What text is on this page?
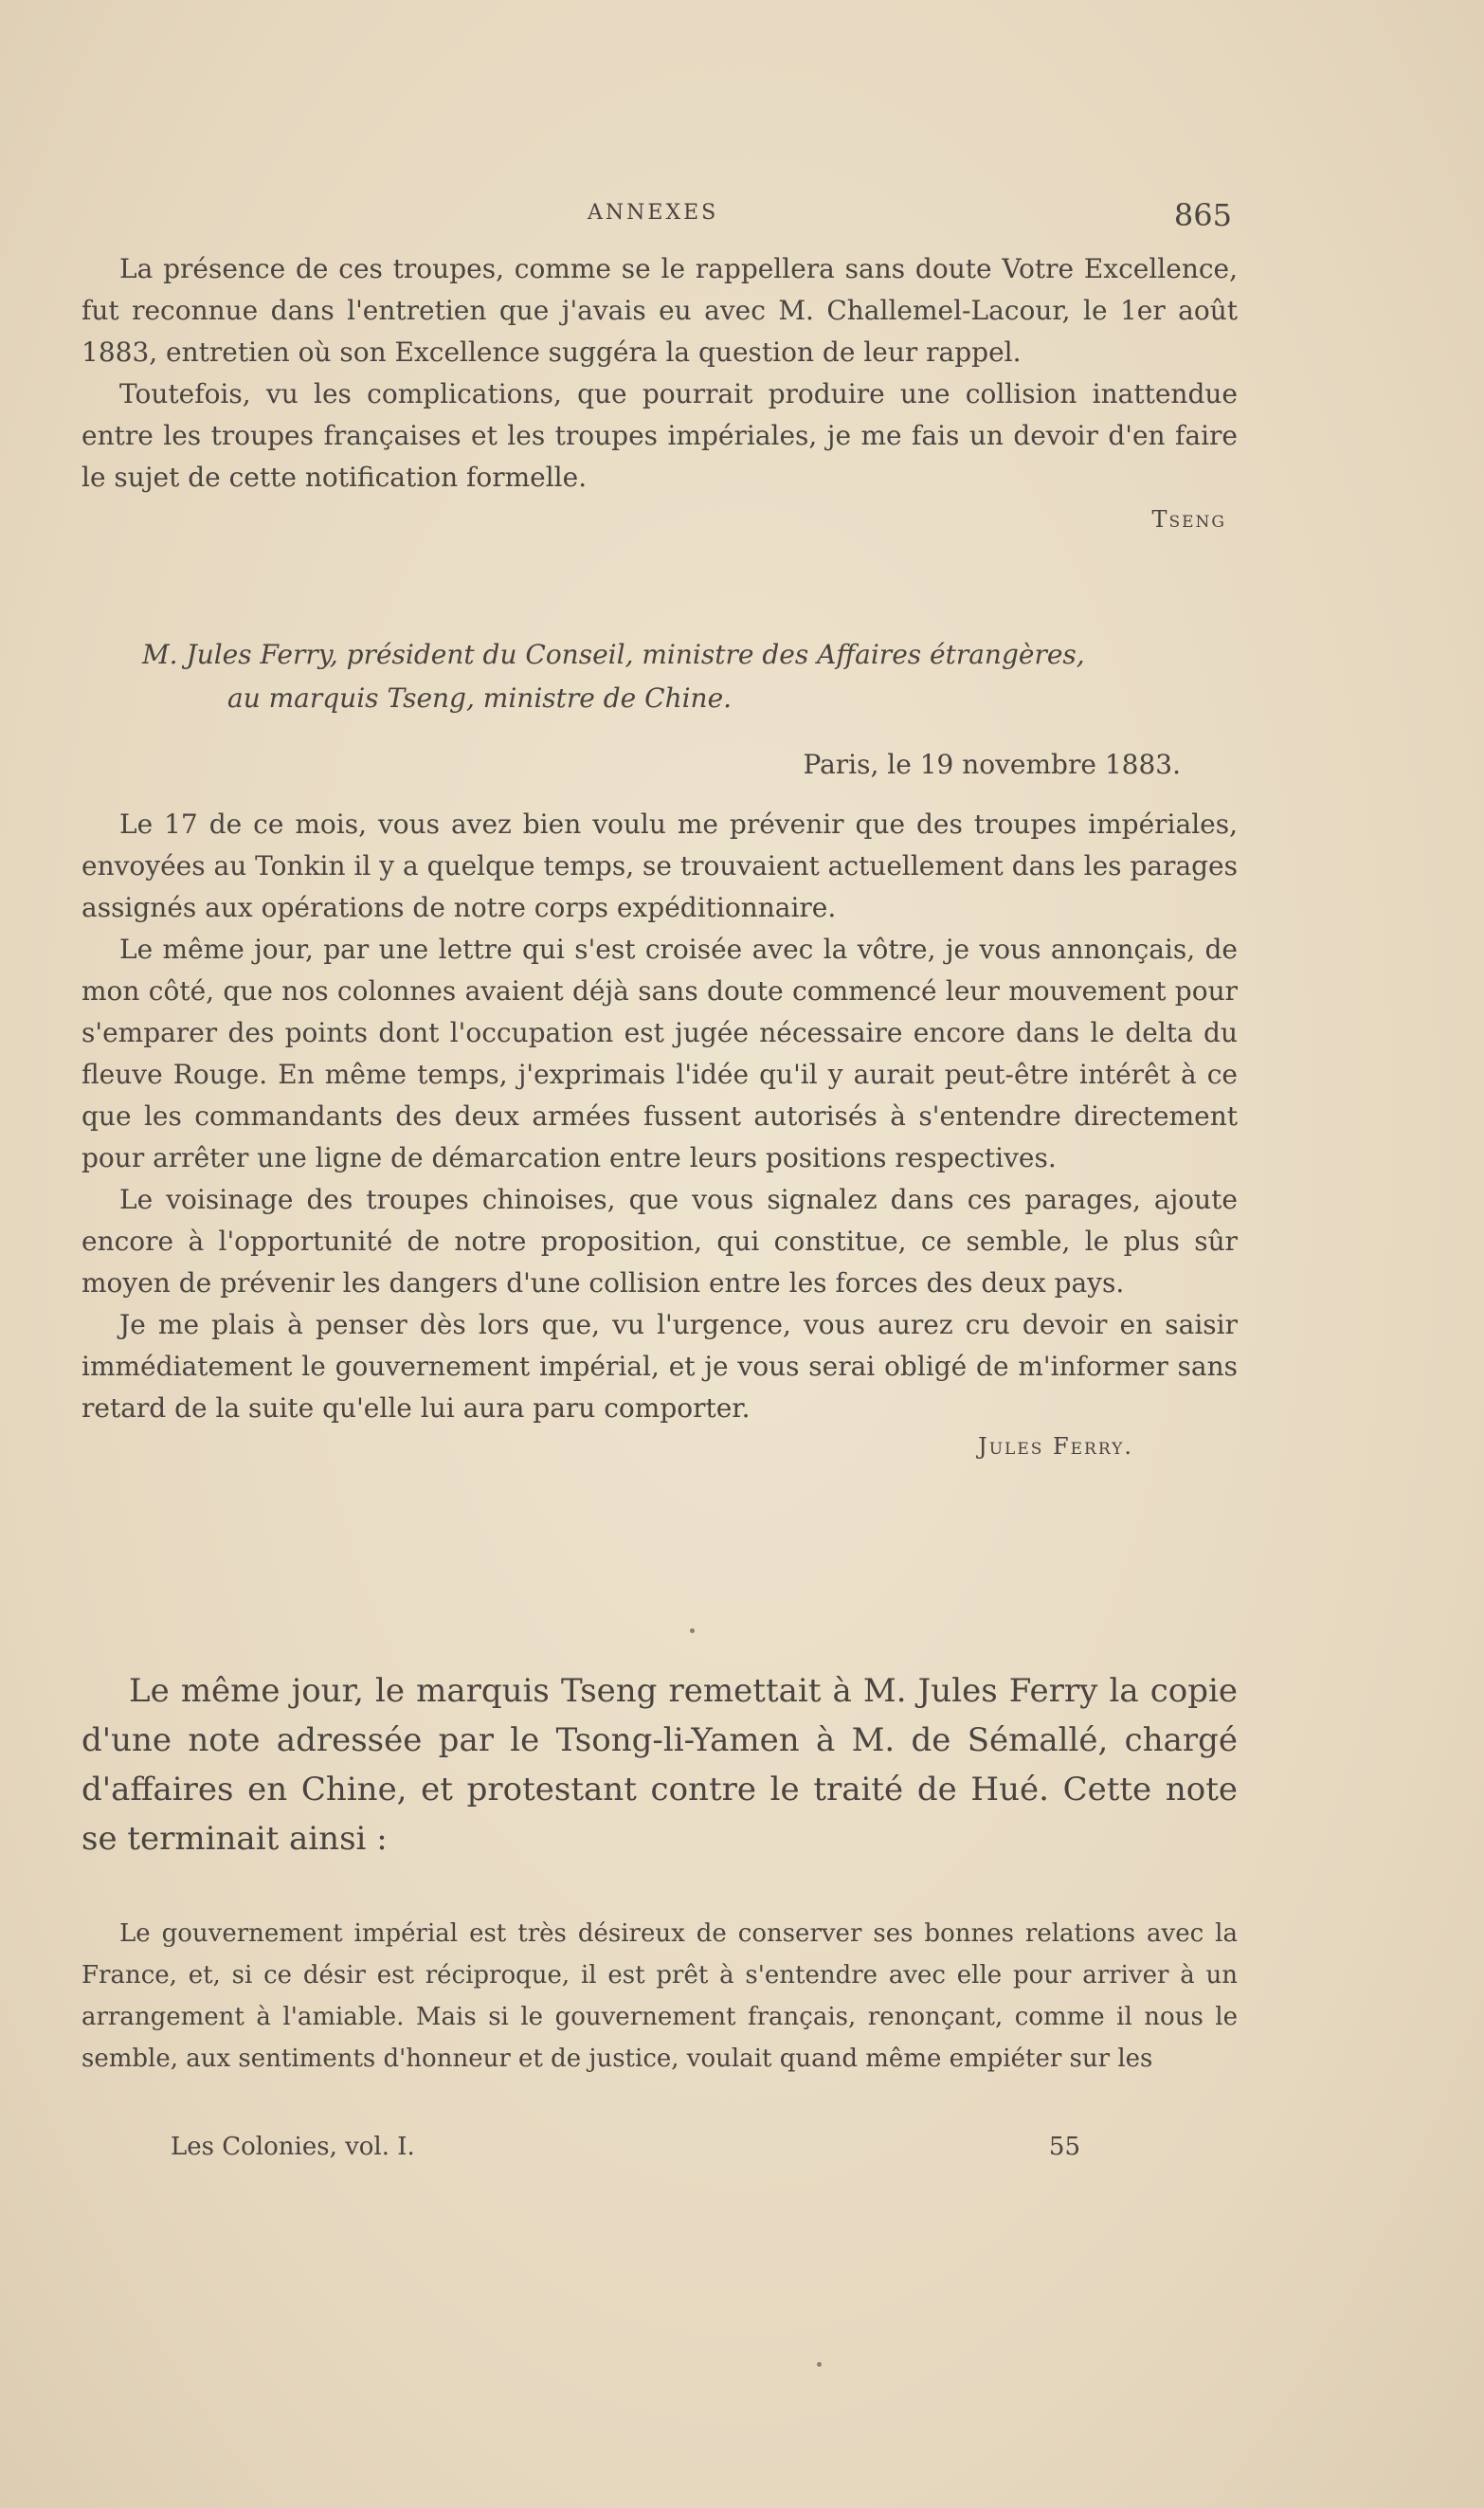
ANNEXES	865

La présence de ces troupes, comme se le rappellera sans doute Votre Excellence, fut reconnue dans l'entretien que j'avais eu avec M. Challemel-Lacour, le 1er août 1883, entretien où son Excellence suggéra la question de leur rappel.

Toutefois, vu les complications, que pourrait produire une collision inattendue entre les troupes françaises et les troupes impériales, je me fais un devoir d'en faire le sujet de cette notification formelle.

Tseng
M. Jules Ferry, président du Conseil, ministre des Affaires étrangères,
au marquis Tseng, ministre de Chine.
Paris, le 19 novembre 1883.

Le 17 de ce mois, vous avez bien voulu me prévenir que des troupes impériales, envoyées au Tonkin il y a quelque temps, se trouvaient actuellement dans les parages assignés aux opérations de notre corps expéditionnaire.

Le même jour, par une lettre qui s'est croisée avec la vôtre, je vous annonçais, de mon côté, que nos colonnes avaient déjà sans doute commencé leur mouvement pour s'emparer des points dont l'occupation est jugée nécessaire encore dans le delta du fleuve Rouge. En même temps, j'exprimais l'idée qu'il y aurait peut-être intérêt à ce que les commandants des deux armées fussent autorisés à s'entendre directement pour arrêter une ligne de démarcation entre leurs positions respectives.

Le voisinage des troupes chinoises, que vous signalez dans ces parages, ajoute encore à l'opportunité de notre proposition, qui constitue, ce semble, le plus sûr moyen de prévenir les dangers d'une collision entre les forces des deux pays.

Je me plais à penser dès lors que, vu l'urgence, vous aurez cru devoir en saisir immédiatement le gouvernement impérial, et je vous serai obligé de m'informer sans retard de la suite qu'elle lui aura paru comporter.

Jules Ferry.

Le même jour, le marquis Tseng remettait à M. Jules Ferry la copie d'une note adressée par le Tsong-li-Yamen à M. de Sémallé, chargé d'affaires en Chine, et protestant contre le traité de Hué. Cette note se terminait ainsi :

Le gouvernement impérial est très désireux de conserver ses bonnes relations avec la France, et, si ce désir est réciproque, il est prêt à s'entendre avec elle pour arriver à un arrangement à l'amiable. Mais si le gouvernement français, renonçant, comme il nous le semble, aux sentiments d'honneur et de justice, voulait quand même empiéter sur les

Les Colonies, vol. I.	55
